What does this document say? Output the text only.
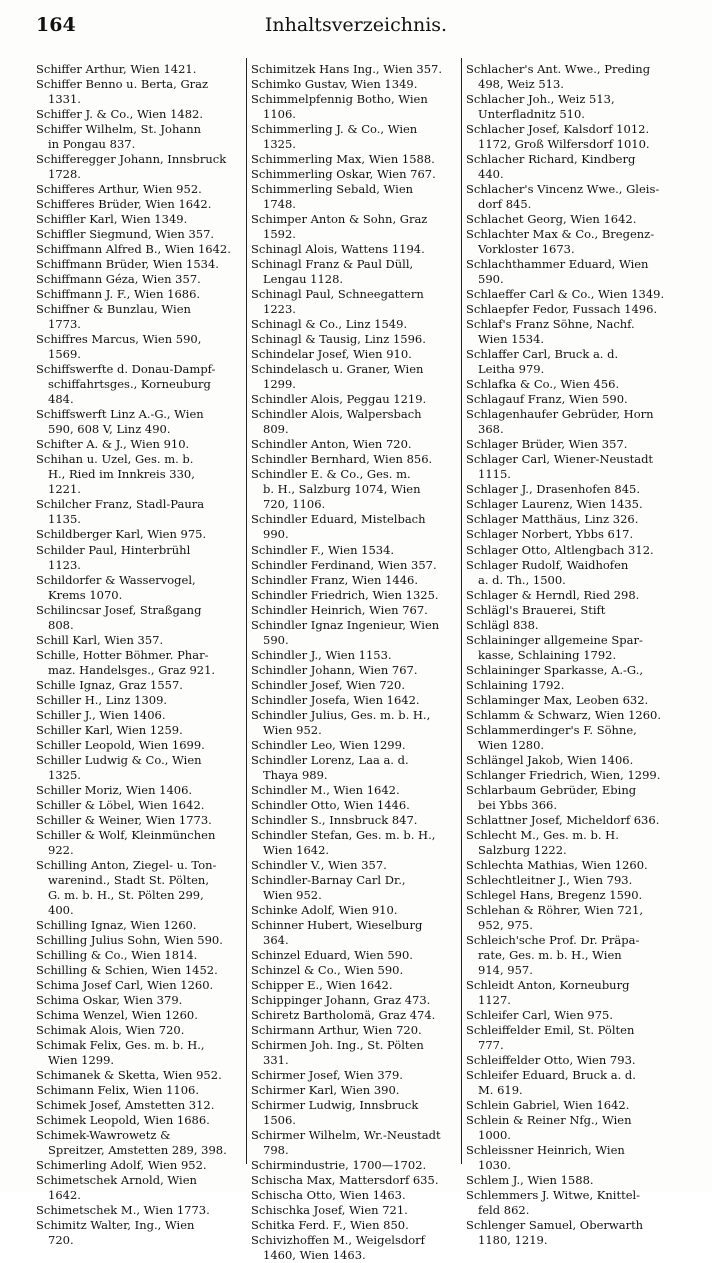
164	Inhaltsverzeichnis.
Schiffer Arthur, Wien 1421.
Schiffer Benno u. Berta, Graz
1331.
Schiffer J. & Co., Wien 1482.
Schiffer Wilhelm, St. Johann
in Pongau 837.
Schifferegger Johann, Innsbruck
1728.
Schifferes Arthur, Wien 952.
Schifferes Brüder, Wien 1642.
Schiffler Karl, Wien 1349.
Schiffler Siegmund, Wien 357.
Schiffmann Alfred B., Wien 1642.
Schiffmann Brüder, Wien 1534.
Schiffmann Géza, Wien 357.
Schiffmann J. F., Wien 1686.
Schiffner & Bunzlau, Wien
1773.
Schiffres Marcus, Wien 590,
1569.
Schiffswerfte d. Donau-Dampf-
schiffahrtsges., Korneuburg
484.
Schiffswerft Linz A.-G., Wien
590, 608 V, Linz 490.
Schifter A. & J., Wien 910.
Schihan u. Uzel, Ges. m. b.
H., Ried im Innkreis 330,
1221.
Schilcher Franz, Stadl-Paura
1135.
Schildberger Karl, Wien 975.
Schilder Paul, Hinterbrühl
1123.
Schildorfer & Wasservogel,
Krems 1070.
Schilincsar Josef, Straßgang
808.
Schill Karl, Wien 357.
Schille, Hotter Böhmer. Phar-
maz. Handelsges., Graz 921.
Schille Ignaz, Graz 1557.
Schiller H., Linz 1309.
Schiller J., Wien 1406.
Schiller Karl, Wien 1259.
Schiller Leopold, Wien 1699.
Schiller Ludwig & Co., Wien
1325.
Schiller Moriz, Wien 1406.
Schiller & Löbel, Wien 1642.
Schiller & Weiner, Wien 1773.
Schiller & Wolf, Kleinmünchen
922.
Schilling Anton, Ziegel- u. Ton-
warenind., Stadt St. Pölten,
G. m. b. H., St. Pölten 299,
400.
Schilling Ignaz, Wien 1260.
Schilling Julius Sohn, Wien 590.
Schilling & Co., Wien 1814.
Schilling & Schien, Wien 1452.
Schima Josef Carl, Wien 1260.
Schima Oskar, Wien 379.
Schima Wenzel, Wien 1260.
Schimak Alois, Wien 720.
Schimak Felix, Ges. m. b. H.,
Wien 1299.
Schimanek & Sketta, Wien 952.
Schimann Felix, Wien 1106.
Schimek Josef, Amstetten 312.
Schimek Leopold, Wien 1686.
Schimek-Wawrowetz &
Spreitzer, Amstetten 289, 398.
Schimerling Adolf, Wien 952.
Schimetschek Arnold, Wien
1642.
Schimetschek M., Wien 1773.
Schimitz Walter, Ing., Wien
720.
Schimitzek Hans Ing., Wien 357.
Schimko Gustav, Wien 1349.
Schimmelpfennig Botho, Wien
1106.
Schimmerling J. & Co., Wien
1325.
Schimmerling Max, Wien 1588.
Schimmerling Oskar, Wien 767.
Schimmerling Sebald, Wien
1748.
Schimper Anton & Sohn, Graz
1592.
Schinagl Alois, Wattens 1194.
Schinagl Franz & Paul Düll,
Lengau 1128.
Schinagl Paul, Schneegattern
1223.
Schinagl & Co., Linz 1549.
Schinagl & Tausig, Linz 1596.
Schindelar Josef, Wien 910.
Schindelasch u. Graner, Wien
1299.
Schindler Alois, Peggau 1219.
Schindler Alois, Walpersbach
809.
Schindler Anton, Wien 720.
Schindler Bernhard, Wien 856.
Schindler E. & Co., Ges. m.
b. H., Salzburg 1074, Wien
720, 1106.
Schindler Eduard, Mistelbach
990.
Schindler F., Wien 1534.
Schindler Ferdinand, Wien 357.
Schindler Franz, Wien 1446.
Schindler Friedrich, Wien 1325.
Schindler Heinrich, Wien 767.
Schindler Ignaz Ingenieur, Wien
590.
Schindler J., Wien 1153.
Schindler Johann, Wien 767.
Schindler Josef, Wien 720.
Schindler Josefa, Wien 1642.
Schindler Julius, Ges. m. b. H.,
Wien 952.
Schindler Leo, Wien 1299.
Schindler Lorenz, Laa a. d.
Thaya 989.
Schindler M., Wien 1642.
Schindler Otto, Wien 1446.
Schindler S., Innsbruck 847.
Schindler Stefan, Ges. m. b. H.,
Wien 1642.
Schindler V., Wien 357.
Schindler-Barnay Carl Dr.,
Wien 952.
Schinke Adolf, Wien 910.
Schinner Hubert, Wieselburg
364.
Schinzel Eduard, Wien 590.
Schinzel & Co., Wien 590.
Schipper E., Wien 1642.
Schippinger Johann, Graz 473.
Schiretz Bartholomä, Graz 474.
Schirmann Arthur, Wien 720.
Schirmen Joh. Ing., St. Pölten
331.
Schirmer Josef, Wien 379.
Schirmer Karl, Wien 390.
Schirmer Ludwig, Innsbruck
1506.
Schirmer Wilhelm, Wr.-Neustadt
798.
Schirmindustrie, 1700—1702.
Schischa Max, Mattersdorf 635.
Schischa Otto, Wien 1463.
Schischka Josef, Wien 721.
Schitka Ferd. F., Wien 850.
Schivizhoffen M., Weigelsdorf
1460, Wien 1463.
Schlacher's Ant. Wwe., Preding
498, Weiz 513.
Schlacher Joh., Weiz 513,
Unterfladnitz 510.
Schlacher Josef, Kalsdorf 1012.
1172, Groß Wilfersdorf 1010.
Schlacher Richard, Kindberg
440.
Schlacher's Vincenz Wwe., Gleis-
dorf 845.
Schlachet Georg, Wien 1642.
Schlachter Max & Co., Bregenz-
Vorkloster 1673.
Schlachthammer Eduard, Wien
590.
Schlaeffer Carl & Co., Wien 1349.
Schlaepfer Fedor, Fussach 1496.
Schlaf's Franz Söhne, Nachf.
Wien 1534.
Schlaffer Carl, Bruck a. d.
Leitha 979.
Schlafka & Co., Wien 456.
Schlagauf Franz, Wien 590.
Schlagenhaufer Gebrüder, Horn
368.
Schlager Brüder, Wien 357.
Schlager Carl, Wiener-Neustadt
1115.
Schlager J., Drasenhofen 845.
Schlager Laurenz, Wien 1435.
Schlager Matthäus, Linz 326.
Schlager Norbert, Ybbs 617.
Schlager Otto, Altlengbach 312.
Schlager Rudolf, Waidhofen
a. d. Th., 1500.
Schlager & Herndl, Ried 298.
Schlägl's Brauerei, Stift
Schlägl 838.
Schlaininger allgemeine Spar-
kasse, Schlaining 1792.
Schlaininger Sparkasse, A.-G.,
Schlaining 1792.
Schlaminger Max, Leoben 632.
Schlamm & Schwarz, Wien 1260.
Schlammerdinger's F. Söhne,
Wien 1280.
Schlängel Jakob, Wien 1406.
Schlanger Friedrich, Wien, 1299.
Schlarbaum Gebrüder, Ebing
bei Ybbs 366.
Schlattner Josef, Micheldorf 636.
Schlecht M., Ges. m. b. H.
Salzburg 1222.
Schlechta Mathias, Wien 1260.
Schlechtleitner J., Wien 793.
Schlegel Hans, Bregenz 1590.
Schlehan & Röhrer, Wien 721,
952, 975.
Schleich'sche Prof. Dr. Präpa-
rate, Ges. m. b. H., Wien
914, 957.
Schleidt Anton, Korneuburg
1127.
Schleifer Carl, Wien 975.
Schleiffelder Emil, St. Pölten
777.
Schleiffelder Otto, Wien 793.
Schleifer Eduard, Bruck a. d.
M. 619.
Schlein Gabriel, Wien 1642.
Schlein & Reiner Nfg., Wien
1000.
Schleissner Heinrich, Wien
1030.
Schlem J., Wien 1588.
Schlemmers J. Witwe, Knittel-
feld 862.
Schlenger Samuel, Oberwarth
1180, 1219.
